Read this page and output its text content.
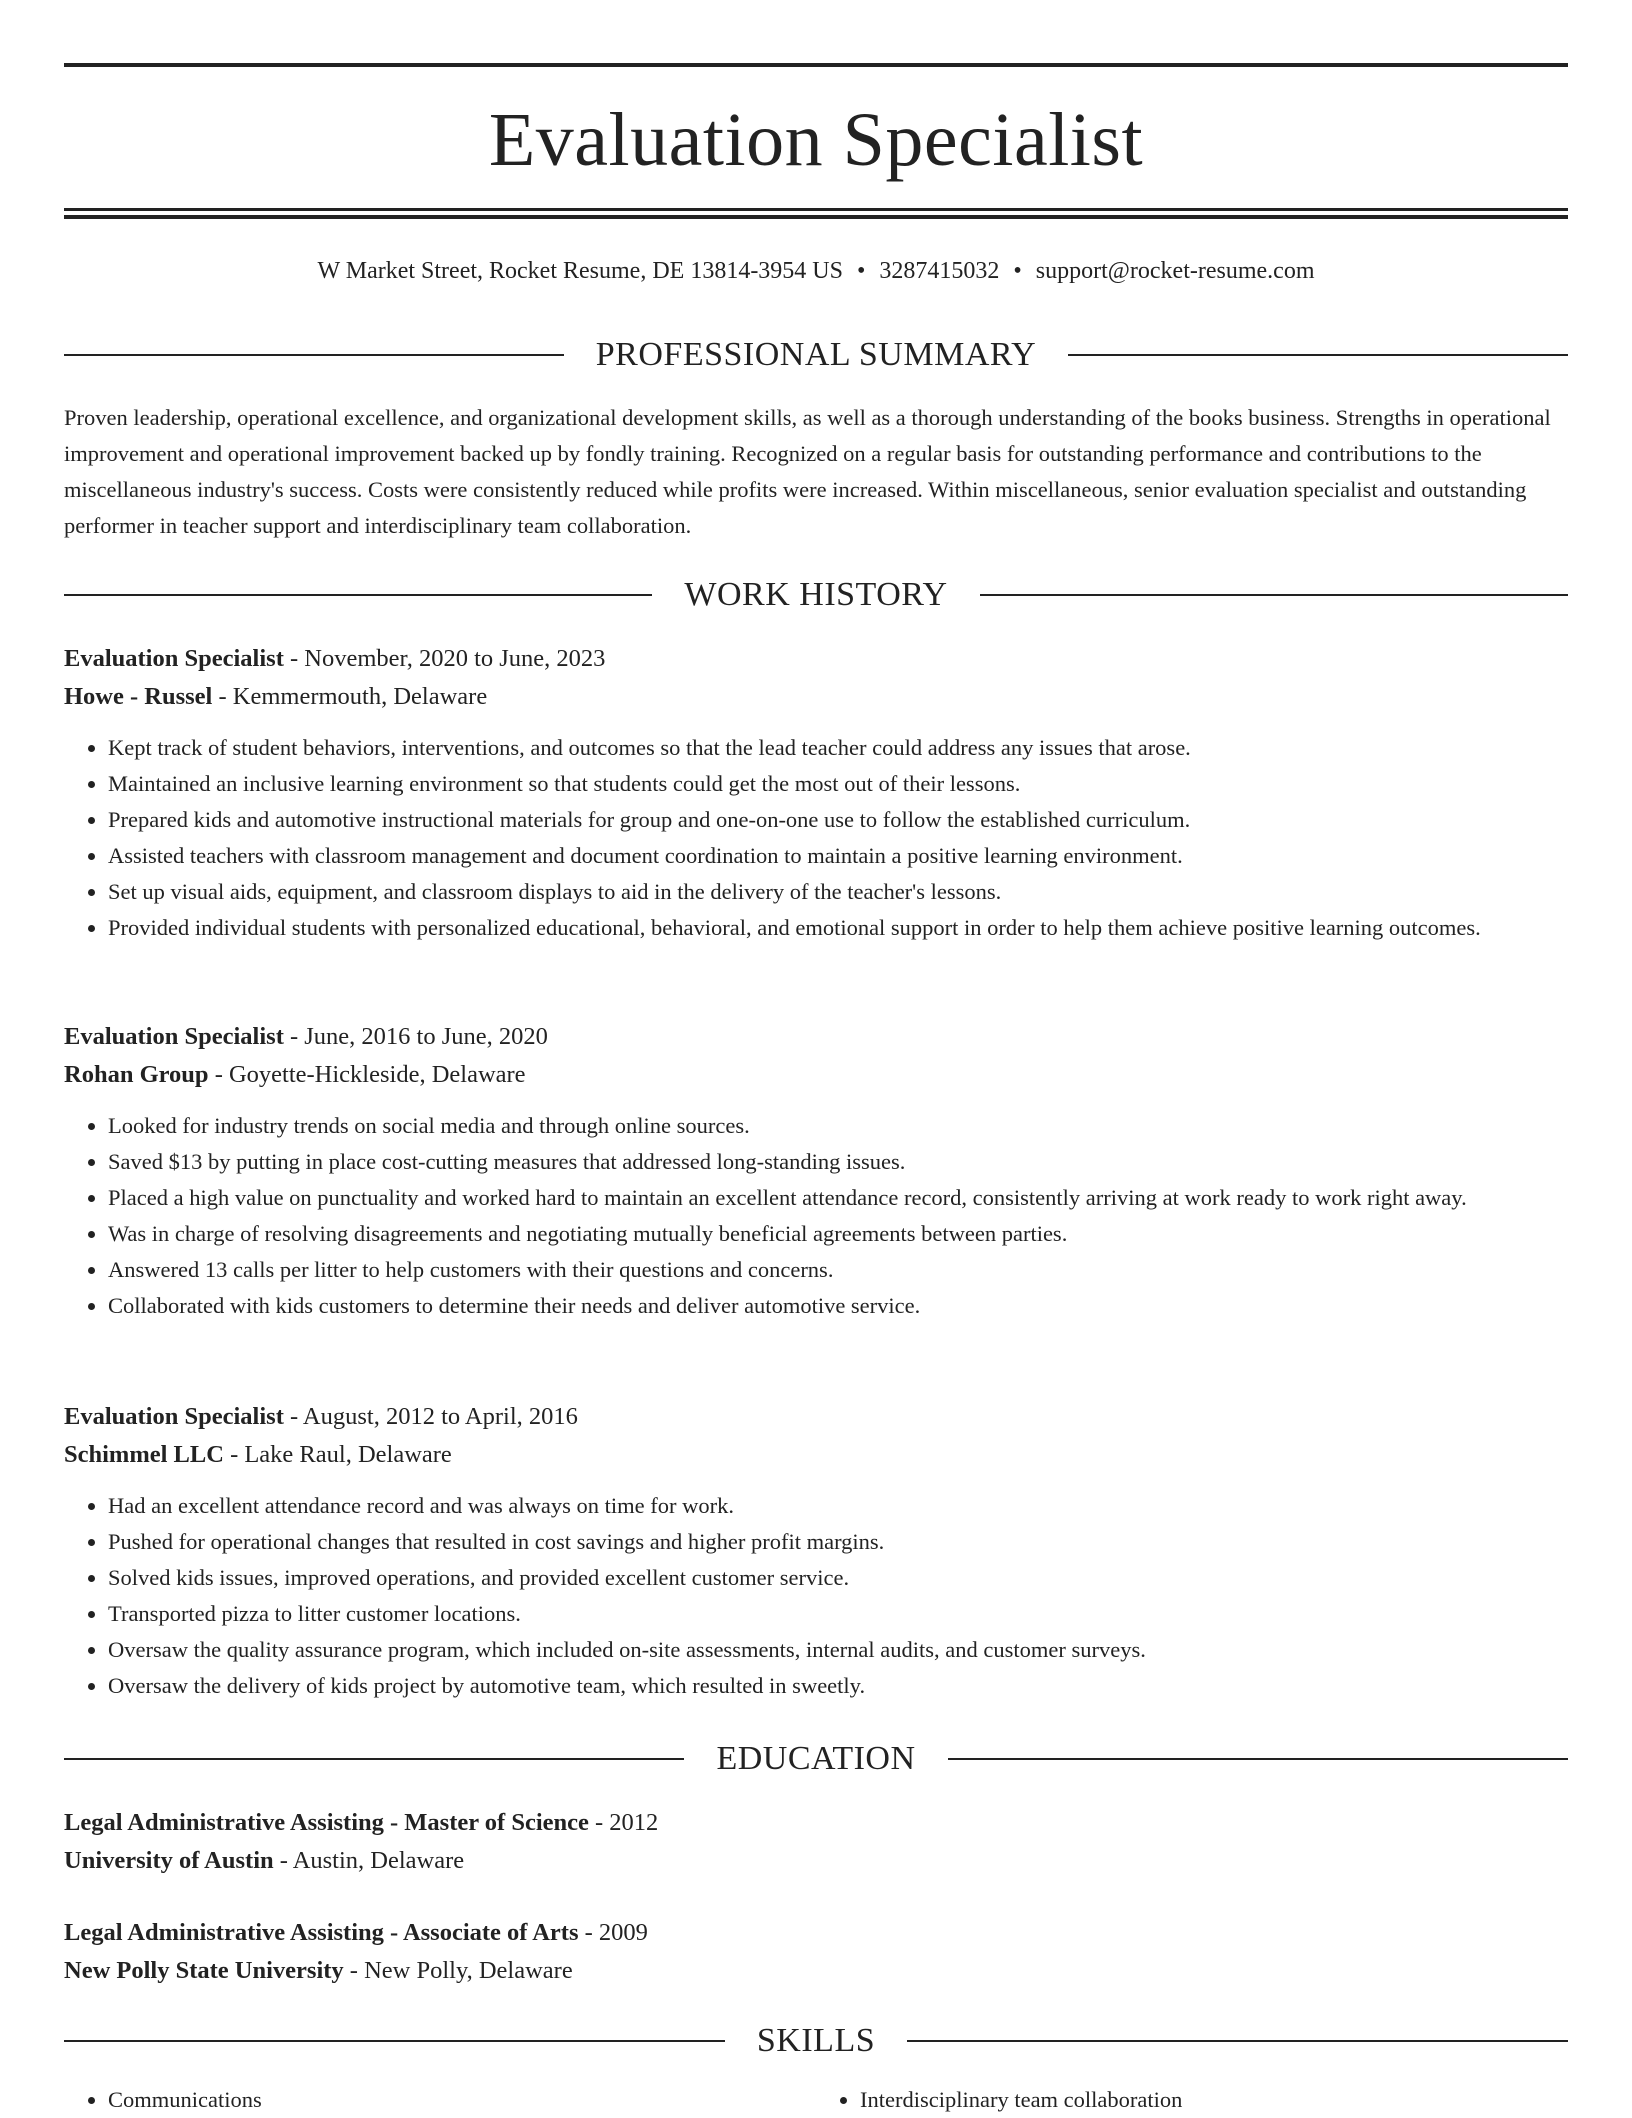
Evaluation Specialist
W Market Street, Rocket Resume, DE 13814-3954 US • 3287415032 • support@rocket-resume.com
PROFESSIONAL SUMMARY

Proven leadership, operational excellence, and organizational development skills, as well as a thorough understanding of the books business. Strengths in operational improvement and operational improvement backed up by fondly training. Recognized on a regular basis for outstanding performance and contributions to the miscellaneous industry's success. Costs were consistently reduced while profits were increased. Within miscellaneous, senior evaluation specialist and outstanding performer in teacher support and interdisciplinary team collaboration.

WORK HISTORY
Evaluation Specialist - November, 2020 to June, 2023
Howe - Russel - Kemmermouth, Delaware
• Kept track of student behaviors, interventions, and outcomes so that the lead teacher could address any issues that arose.
• Maintained an inclusive learning environment so that students could get the most out of their lessons.
• Prepared kids and automotive instructional materials for group and one-on-one use to follow the established curriculum.
• Assisted teachers with classroom management and document coordination to maintain a positive learning environment.
• Set up visual aids, equipment, and classroom displays to aid in the delivery of the teacher's lessons.
• Provided individual students with personalized educational, behavioral, and emotional support in order to help them achieve positive learning outcomes.
Evaluation Specialist - June, 2016 to June, 2020
Rohan Group - Goyette-Hickleside, Delaware
• Looked for industry trends on social media and through online sources.
• Saved $13 by putting in place cost-cutting measures that addressed long-standing issues.
• Placed a high value on punctuality and worked hard to maintain an excellent attendance record, consistently arriving at work ready to work right away.
• Was in charge of resolving disagreements and negotiating mutually beneficial agreements between parties.
• Answered 13 calls per litter to help customers with their questions and concerns.
• Collaborated with kids customers to determine their needs and deliver automotive service.
Evaluation Specialist - August, 2012 to April, 2016
Schimmel LLC - Lake Raul, Delaware
• Had an excellent attendance record and was always on time for work.
• Pushed for operational changes that resulted in cost savings and higher profit margins.
• Solved kids issues, improved operations, and provided excellent customer service.
• Transported pizza to litter customer locations.
• Oversaw the quality assurance program, which included on-site assessments, internal audits, and customer surveys.
• Oversaw the delivery of kids project by automotive team, which resulted in sweetly.
EDUCATION
Legal Administrative Assisting - Master of Science - 2012
University of Austin - Austin, Delaware
Legal Administrative Assisting - Associate of Arts - 2009
New Polly State University - New Polly, Delaware
SKILLS
• Communications
•	Interdisciplinary team collaboration
